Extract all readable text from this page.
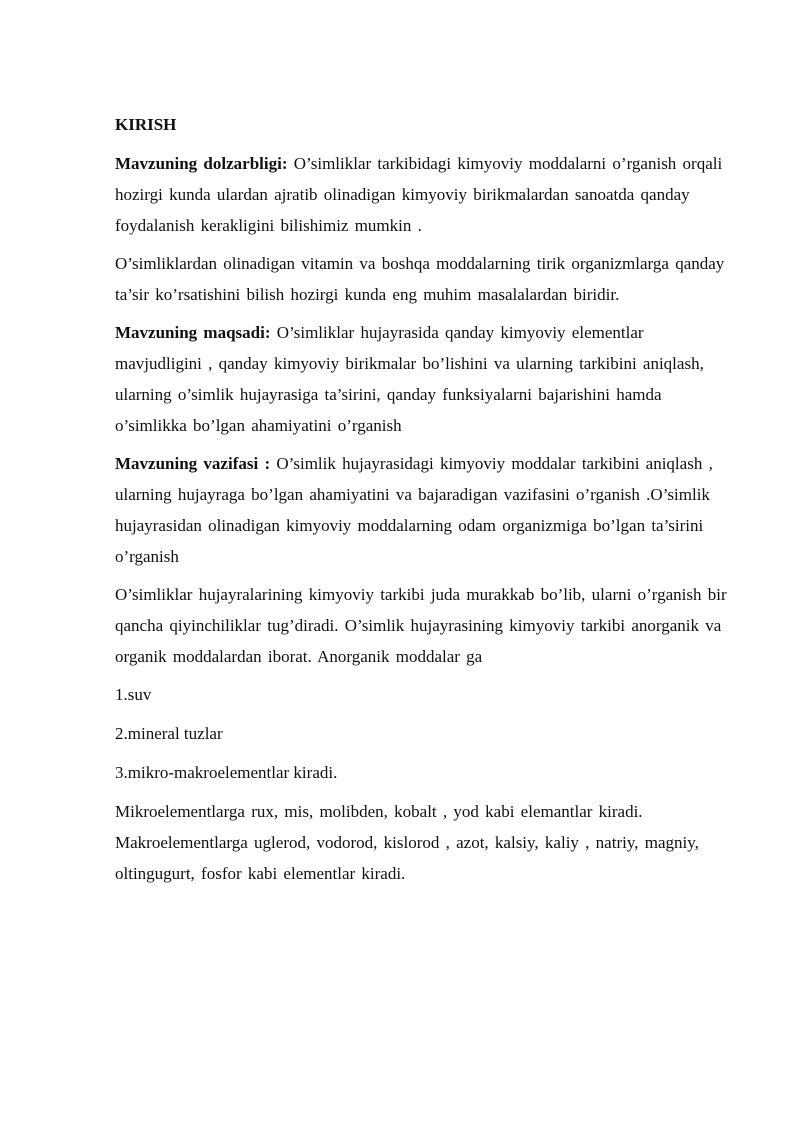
KIRISH

Mavzuning dolzarbligi: O’simliklar tarkibidagi kimyoviy moddalarni o’rganish orqali hozirgi kunda ulardan ajratib olinadigan kimyoviy birikmalardan sanoatda qanday foydalanish kerakligini bilishimiz mumkin .

O’simliklardan olinadigan vitamin va boshqa moddalarning tirik organizmlarga qanday ta’sir ko’rsatishini bilish hozirgi kunda eng muhim masalalardan biridir.

Mavzuning maqsadi: O’simliklar hujayrasida qanday kimyoviy elementlar mavjudligini , qanday kimyoviy birikmalar bo’lishini va ularning tarkibini aniqlash, ularning o’simlik hujayrasiga ta’sirini, qanday funksiyalarni bajarishini hamda o’simlikka bo’lgan ahamiyatini o’rganish

Mavzuning vazifasi : O’simlik hujayrasidagi kimyoviy moddalar tarkibini aniqlash , ularning hujayraga bo’lgan ahamiyatini va bajaradigan vazifasini o’rganish .O’simlik hujayrasidan olinadigan kimyoviy moddalarning odam organizmiga bo’lgan ta’sirini o’rganish

O’simliklar hujayralarining kimyoviy tarkibi juda murakkab bo’lib, ularni o’rganish bir qancha qiyinchiliklar tug’diradi. O’simlik hujayrasining kimyoviy tarkibi anorganik va organik moddalardan iborat. Anorganik moddalar ga

1.suv
2.mineral tuzlar
3.mikro-makroelementlar kiradi.

Mikroelementlarga rux, mis, molibden, kobalt , yod kabi elemantlar kiradi. Makroelementlarga uglerod, vodorod, kislorod , azot, kalsiy, kaliy , natriy, magniy, oltingugurt, fosfor kabi elementlar kiradi.
